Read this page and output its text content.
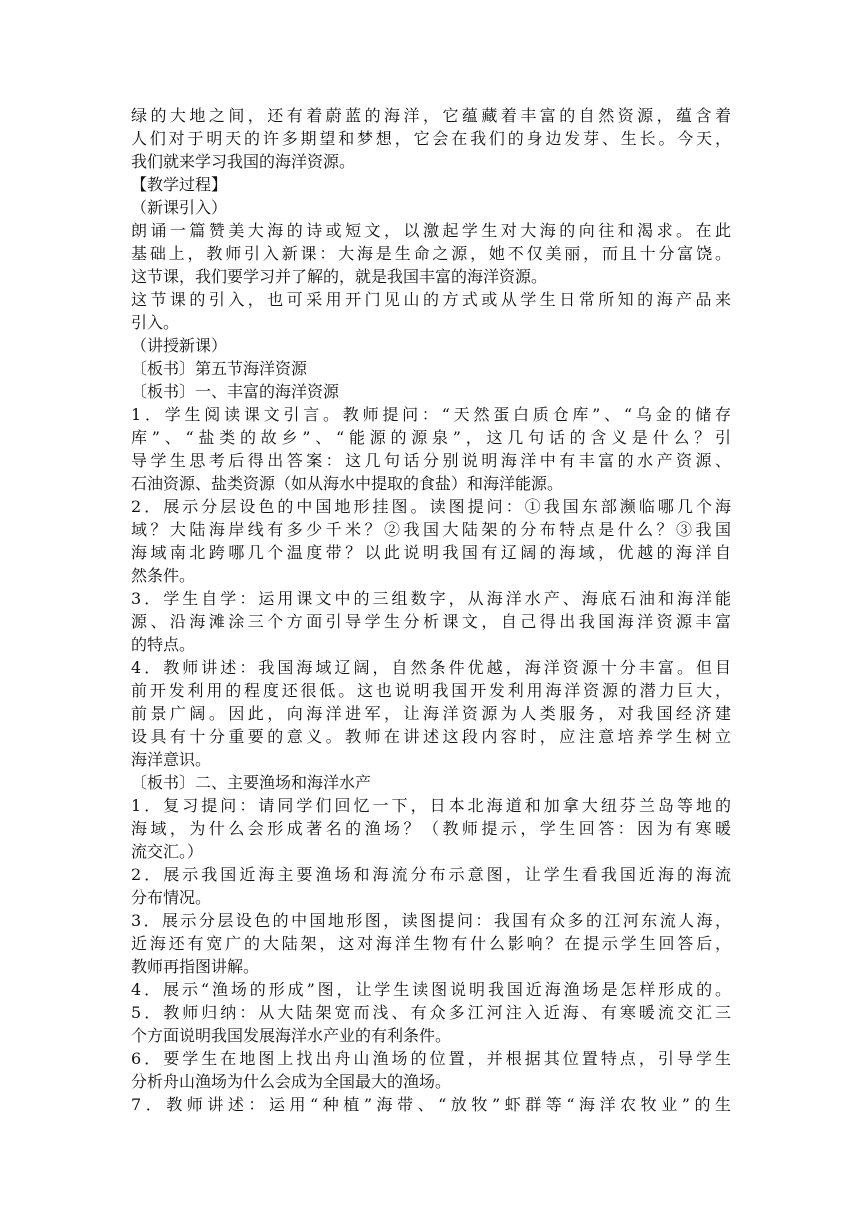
绿的大地之间，还有着蔚蓝的海洋，它蕴藏着丰富的自然资源，蕴含着
人们对于明天的许多期望和梦想，它会在我们的身边发芽、生长。今天，
我们就来学习我国的海洋资源。
【教学过程】
（新课引入）
朗诵一篇赞美大海的诗或短文，以激起学生对大海的向往和渴求。在此
基础上，教师引入新课：大海是生命之源，她不仅美丽，而且十分富饶。
这节课，我们要学习并了解的，就是我国丰富的海洋资源。
这节课的引入，也可采用开门见山的方式或从学生日常所知的海产品来
引入。
（讲授新课）
〔板书〕第五节海洋资源
〔板书〕一、丰富的海洋资源
1．学生阅读课文引言。教师提问：“天然蛋白质仓库”、“乌金的储存
库”、“盐类的故乡”、“能源的源泉”，这几句话的含义是什么？引
导学生思考后得出答案：这几句话分别说明海洋中有丰富的水产资源、
石油资源、盐类资源（如从海水中提取的食盐）和海洋能源。
2．展示分层设色的中国地形挂图。读图提问：①我国东部濒临哪几个海
域？大陆海岸线有多少千米？②我国大陆架的分布特点是什么？③我国
海域南北跨哪几个温度带？以此说明我国有辽阔的海域，优越的海洋自
然条件。
3．学生自学：运用课文中的三组数字，从海洋水产、海底石油和海洋能
源、沿海滩涂三个方面引导学生分析课文，自己得出我国海洋资源丰富
的特点。
4．教师讲述：我国海域辽阔，自然条件优越，海洋资源十分丰富。但目
前开发利用的程度还很低。这也说明我国开发利用海洋资源的潜力巨大，
前景广阔。因此，向海洋进军，让海洋资源为人类服务，对我国经济建
设具有十分重要的意义。教师在讲述这段内容时，应注意培养学生树立
海洋意识。
〔板书〕二、主要渔场和海洋水产
1．复习提问：请同学们回忆一下，日本北海道和加拿大纽芬兰岛等地的
海域，为什么会形成著名的渔场？（教师提示，学生回答：因为有寒暖
流交汇。）
2．展示我国近海主要渔场和海流分布示意图，让学生看我国近海的海流
分布情况。
3．展示分层设色的中国地形图，读图提问：我国有众多的江河东流人海，
近海还有宽广的大陆架，这对海洋生物有什么影响？在提示学生回答后，
教师再指图讲解。
4．展示“渔场的形成”图，让学生读图说明我国近海渔场是怎样形成的。
5．教师归纳：从大陆架宽而浅、有众多江河注入近海、有寒暖流交汇三
个方面说明我国发展海洋水产业的有利条件。
6．要学生在地图上找出舟山渔场的位置，并根据其位置特点，引导学生
分析舟山渔场为什么会成为全国最大的渔场。
7．教师讲述：运用“种植”海带、“放牧”虾群等“海洋农牧业”的生
